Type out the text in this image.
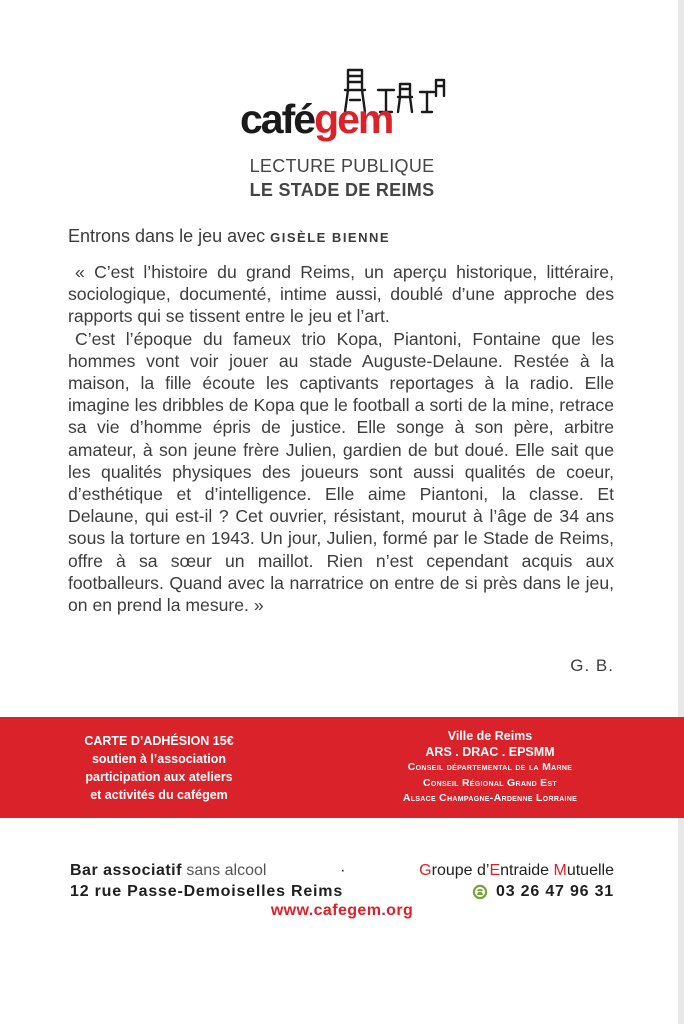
cafégem
LECTURE PUBLIQUE
LE STADE DE REIMS
Entrons dans le jeu avec GISÈLE BIENNE

« C’est l’histoire du grand Reims, un aperçu historique, littéraire, sociologique, documenté, intime aussi, doublé d’une approche des rapports qui se tissent entre le jeu et l’art.

C’est l’époque du fameux trio Kopa, Piantoni, Fontaine que les hommes vont voir jouer au stade Auguste-Delaune. Restée à la maison, la fille écoute les captivants reportages à la radio. Elle imagine les dribbles de Kopa que le football a sorti de la mine, retrace sa vie d’homme épris de justice. Elle songe à son père, arbitre amateur, à son jeune frère Julien, gardien de but doué. Elle sait que les qualités physiques des joueurs sont aussi qualités de coeur, d’esthétique et d’intelligence. Elle aime Piantoni, la classe. Et Delaune, qui est-il ? Cet ouvrier, résistant, mourut à l’âge de 34 ans sous la torture en 1943. Un jour, Julien, formé par le Stade de Reims, offre à sa sœur un maillot. Rien n’est cependant acquis aux footballeurs. Quand avec la narratrice on entre de si près dans le jeu, on en prend la mesure. »

G. B.
CARTE D’ADHÉSION 15€
soutien à l’association
participation aux ateliers
et activités du cafégem
Ville de Reims
ARS . DRAC . EPSMM
Conseil départemental de la Marne
Conseil Régional Grand Est
Alsace Champagne-Ardenne Lorraine
Bar associatif sans alcool	·	Groupe d’Entraide Mutuelle
12 rue Passe-Demoiselles Reims	03 26 47 96 31
www.cafegem.org
